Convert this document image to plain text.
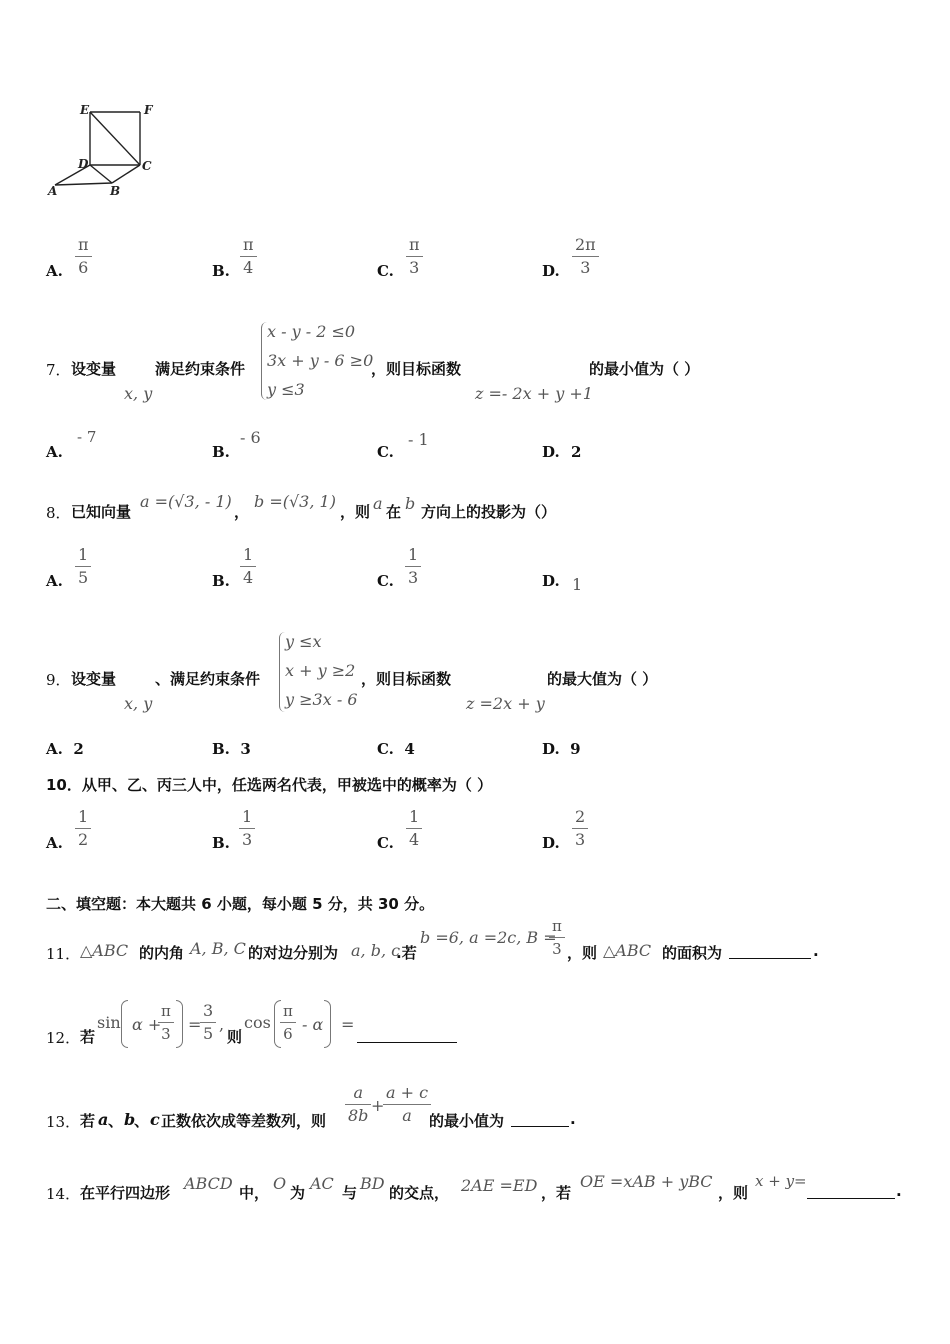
E	F
D	C
A	B
A.
π
6	B.
π
4	C.
π
3	D.
2π
3
7． 设变量
x, y
满足约束条件
x - y - 2 ≤0
3x + y - 6 ≥0
y ≤3
，则目标函数
z =- 2x + y +1
的最小值为（ ）
A.
- 7
B.
- 6
C.
- 1
D. 2
8． 已知向量
a =(√3, - 1)
，
b =(√3, 1)
，则 a 在 b 方向上的投影为（）
A.
1
5	B.
1
4	C.
1
3	D. 1
9． 设变量
x, y
、满足约束条件
y ≤x
x + y ≥2
y ≥3x - 6
，则目标函数
z =2x + y
的最大值为（ ）
A. 2	B. 3	C. 4	D. 9
10．从甲、乙、丙三人中，任选两名代表，甲被选中的概率为（ ）
A.
1
2	B.
1
3	C.
1
4	D.
2
3
二、填空题：本大题共 6 小题，每小题 5 分，共 30 分。
11． △ABC 的内角 A, B, C 的对边分别为 a, b, c
.若
b =6, a =2c, B =
π
3 ，则 △ABC 的面积为	.
12． 若
sin α +
π
3 =
3
5 ,
则
cos
π
6 - α =
13． 若 a 、 b
、 c 正数依次成等差数列，则
a
8b
+
a + c
a 的最小值为	.
14． 在平行四边形 ABCD 中， O 为 AC 与 BD 的交点， 2AE =ED ，若
OE =xAB + yBC
，则
x + y=
.
